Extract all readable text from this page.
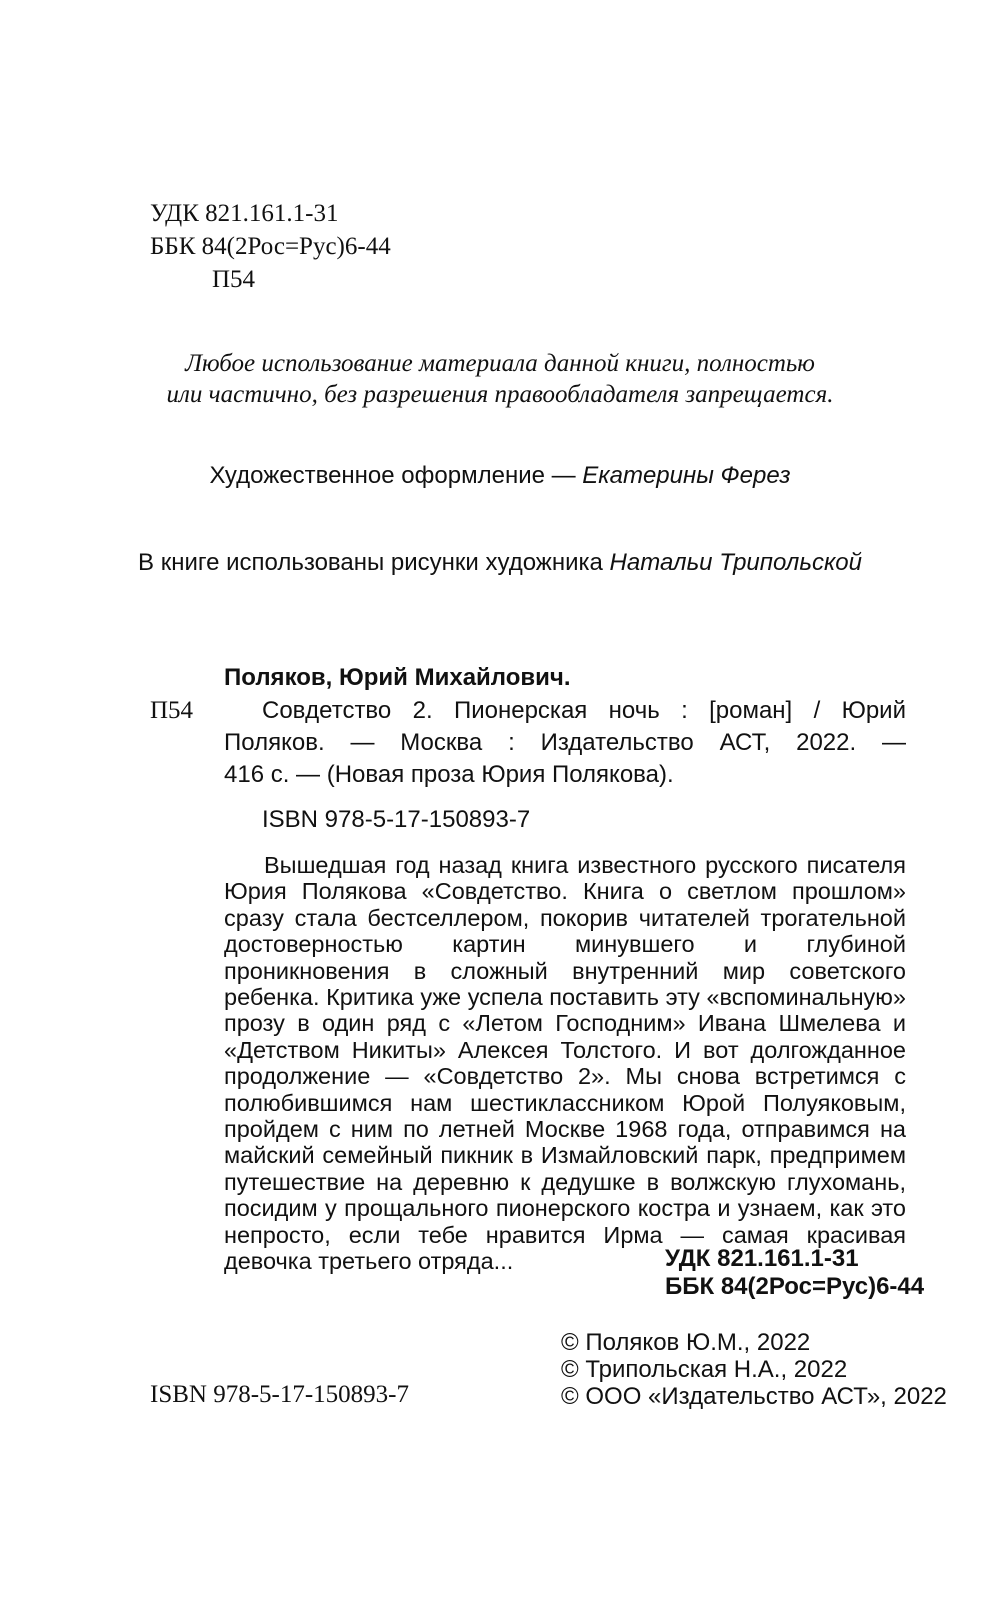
УДК 821.161.1-31
ББК 84(2Рос=Рус)6-44
П54
Любое использование материала данной книги, полностью
или частично, без разрешения правообладателя запрещается.
Художественное оформление — Екатерины Ферез
В книге использованы рисунки художника Натальи Трипольской
Поляков, Юрий Михайлович.
П54	Совдетство 2. Пионерская ночь : [роман] / Юрий
Поляков. — Москва : Издательство АСТ, 2022. —
416 с. — (Новая проза Юрия Полякова).
ISBN 978-5-17-150893-7

Вышедшая год назад книга известного русского писателя Юрия Полякова «Совдетство. Книга о светлом прошлом» сразу стала бестселлером, покорив читателей трогательной достоверностью картин минувшего и глубиной проникновения в сложный внутренний мир советского ребенка. Критика уже успела поставить эту «вспоминальную» прозу в один ряд с «Летом Господним» Ивана Шмелева и «Детством Никиты» Алексея Толстого. И вот долгожданное продолжение — «Совдетство 2». Мы снова встретимся с полюбившимся нам шестиклассником Юрой Полуяковым, пройдем с ним по летней Москве 1968 года, отправимся на майский семейный пикник в Измайловский парк, предпримем путешествие на деревню к дедушке в волжскую глухомань, посидим у прощального пионерского костра и узнаем, как это непросто, если тебе нравится Ирма — самая красивая девочка третьего отряда...	УДК 821.161.1-31
ББК 84(2Рос=Рус)6-44
© Поляков Ю.М., 2022
© Трипольская Н.А., 2022
© ООО «Издательство АСТ», 2022
ISBN 978-5-17-150893-7
